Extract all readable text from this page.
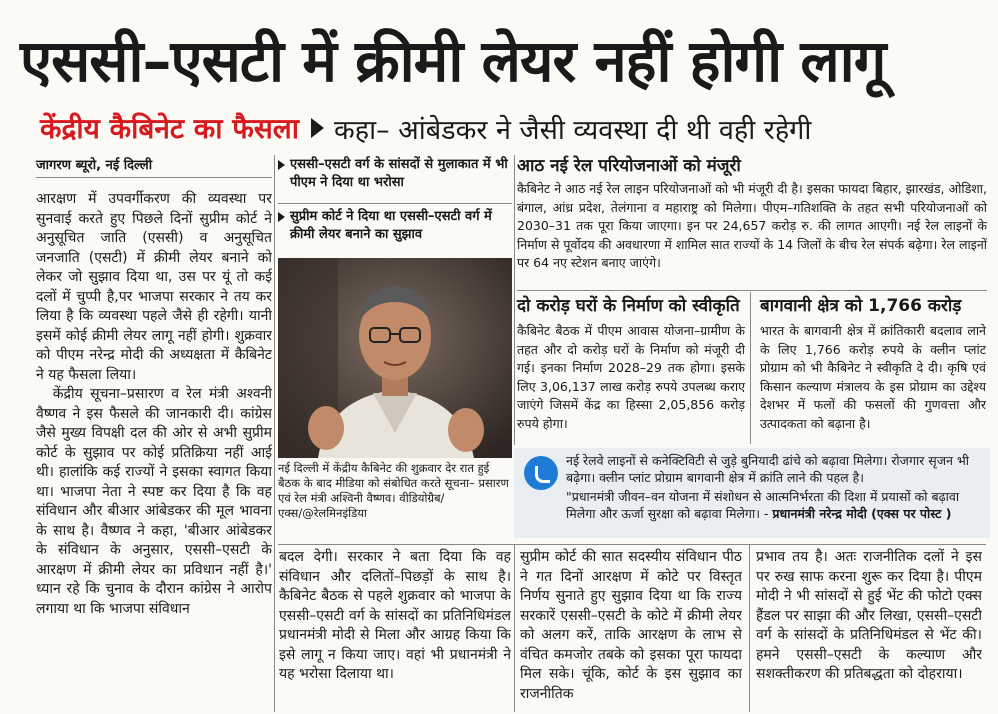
एससी–एसटी में क्रीमी लेयर नहीं होगी लागू
केंद्रीय कैबिनेट का फैसला कहा– आंबेडकर ने जैसी व्यवस्था दी थी वही रहेगी
जागरण ब्यूरो, नई दिल्ली

आरक्षण में उपवर्गीकरण की व्यवस्था पर सुनवाई करते हुए पिछले दिनों सुप्रीम कोर्ट ने अनुसूचित जाति (एससी) व अनुसूचित जनजाति (एसटी) में क्रीमी लेयर बनाने को लेकर जो सुझाव दिया था, उस पर यूं तो कई दलों में चुप्पी है,पर भाजपा सरकार ने तय कर लिया है कि व्यवस्था पहले जैसे ही रहेगी। यानी इसमें कोई क्रीमी लेयर लागू नहीं होगी। शुक्रवार को पीएम नरेन्द्र मोदी की अध्यक्षता में कैबिनेट ने यह फैसला लिया।

केंद्रीय सूचना–प्रसारण व रेल मंत्री अश्वनी वैष्णव ने इस फैसले की जानकारी दी। कांग्रेस जैसे मुख्य विपक्षी दल की ओर से अभी सुप्रीम कोर्ट के सुझाव पर कोई प्रतिक्रिया नहीं आई थी। हालांकि कई राज्यों ने इसका स्वागत किया था। भाजपा नेता ने स्पष्ट कर दिया है कि वह संविधान और बीआर आंबेडकर की मूल भावना के साथ है। वैष्णव ने कहा, 'बीआर आंबेडकर के संविधान के अनुसार, एससी–एसटी के आरक्षण में क्रीमी लेयर का प्रविधान नहीं है।' ध्यान रहे कि चुनाव के दौरान कांग्रेस ने आरोप लगाया था कि भाजपा संविधान

एससी–एसटी वर्ग के सांसदों से मुलाकात में भी पीएम ने दिया था भरोसा
सुप्रीम कोर्ट ने दिया था एससी–एसटी वर्ग में क्रीमी लेयर बनाने का सुझाव
नई दिल्ली में केंद्रीय कैबिनेट की शुक्रवार देर रात हुई बैठक के बाद मीडिया को संबोधित करते सूचना– प्रसारण एवं रेल मंत्री अश्विनी वैष्णव। वीडियोग्रैब/एक्स/@रेलमिनइंडिया
बदल देगी। सरकार ने बता दिया कि वह संविधान और दलितों–पिछड़ों के साथ है। कैबिनेट बैठक से पहले शुक्रवार को भाजपा के एससी–एसटी वर्ग के सांसदों का प्रतिनिधिमंडल प्रधानमंत्री मोदी से मिला और आग्रह किया कि इसे लागू न किया जाए। वहां भी प्रधानमंत्री ने यह भरोसा दिलाया था।
आठ नई रेल परियोजनाओं को मंजूरी
कैबिनेट ने आठ नई रेल लाइन परियोजनाओं को भी मंजूरी दी है। इसका फायदा बिहार, झारखंड, ओडिशा, बंगाल, आंध्र प्रदेश, तेलंगाना व महाराष्ट्र को मिलेगा। पीएम–गतिशक्ति के तहत सभी परियोजनाओं को 2030–31 तक पूरा किया जाएगा। इन पर 24,657 करोड़ रु. की लागत आएगी। नई रेल लाइनों के निर्माण से पूर्वोदय की अवधारणा में शामिल सात राज्यों के 14 जिलों के बीच रेल संपर्क बढ़ेगा। रेल लाइनों पर 64 नए स्टेशन बनाए जाएंगे।
दो करोड़ घरों के निर्माण को स्वीकृति
कैबिनेट बैठक में पीएम आवास योजना–ग्रामीण के तहत और दो करोड़ घरों के निर्माण को मंजूरी दी गई। इनका निर्माण 2028–29 तक होगा। इसके लिए 3,06,137 लाख करोड़ रुपये उपलब्ध कराए जाएंगे जिसमें केंद्र का हिस्सा 2,05,856 करोड़ रुपये होगा।
बागवानी क्षेत्र को 1,766 करोड़
भारत के बागवानी क्षेत्र में क्रांतिकारी बदलाव लाने के लिए 1,766 करोड़ रुपये के क्लीन प्लांट प्रोग्राम को भी कैबिनेट ने स्वीकृति दे दी। कृषि एवं किसान कल्याण मंत्रालय के इस प्रोग्राम का उद्देश्य देशभर में फलों की फसलों की गुणवत्ता और उत्पादकता को बढ़ाना है।
नई रेलवे लाइनों से कनेक्टिविटी से जुड़े बुनियादी ढांचे को बढ़ावा मिलेगा। रोजगार सृजन भी बढ़ेगा। क्लीन प्लांट प्रोग्राम बागवानी क्षेत्र में क्रांति लाने की पहल है।
"प्रधानमंत्री जीवन–वन योजना में संशोधन से आत्मनिर्भरता की दिशा में प्रयासों को बढ़ावा मिलेगा और ऊर्जा सुरक्षा को बढ़ावा मिलेगा। - प्रधानमंत्री नरेन्द्र मोदी (एक्स पर पोस्ट )
सुप्रीम कोर्ट की सात सदस्यीय संविधान पीठ ने गत दिनों आरक्षण में कोटे पर विस्तृत निर्णय सुनाते हुए सुझाव दिया था कि राज्य सरकारें एससी–एसटी के कोटे में क्रीमी लेयर को अलग करें, ताकि आरक्षण के लाभ से वंचित कमजोर तबके को इसका पूरा फायदा मिल सके। चूंकि, कोर्ट के इस सुझाव का राजनीतिक
प्रभाव तय है। अतः राजनीतिक दलों ने इस पर रुख साफ करना शुरू कर दिया है। पीएम मोदी ने भी सांसदों से हुई भेंट की फोटो एक्स हैंडल पर साझा की और लिखा, एससी–एसटी वर्ग के सांसदों के प्रतिनिधिमंडल से भेंट की। हमने एससी–एसटी के कल्याण और सशक्तीकरण की प्रतिबद्धता को दोहराया।
